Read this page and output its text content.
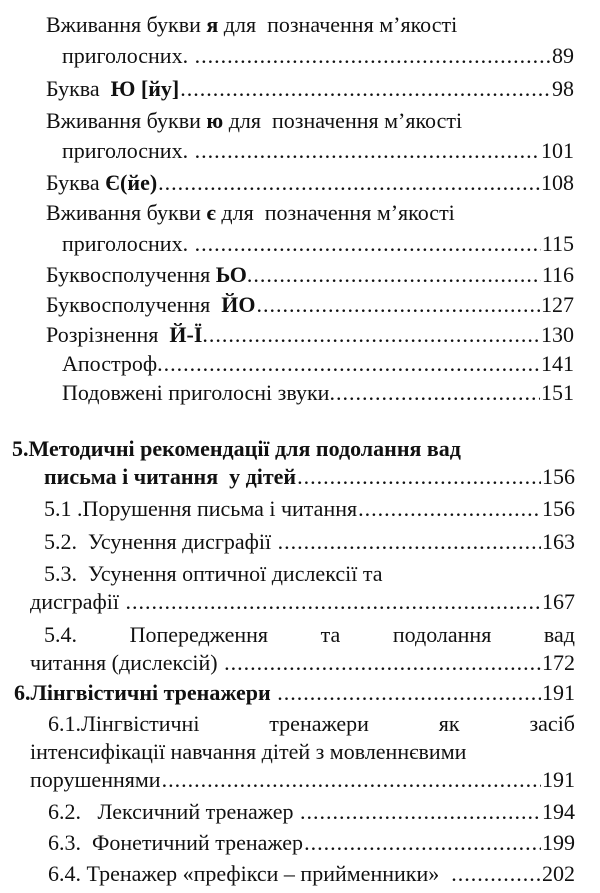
Вживання букви я для  позначення м’якості
приголосних. .....	89
Буква  Ю [йу] .....	98
Вживання букви ю для  позначення м’якості
приголосних. .....	101
Буква Є(йе) .....	108
Вживання букви є для  позначення м’якості
приголосних. .....	115
Буквосполучення ЬО. .....	116
Буквосполучення  ЙО .....	127
Розрізнення  Й-Ї. .....	130
Апостроф. .....	141
Подовжені приголосні звуки. .....	151
5.Методичні рекомендації для подолання вад
письма і читання  у дітей .....	156
5.1 .Порушення письма і читання .....	156
5.2.  Усунення дисграфії .....	163
5.3.  Усунення оптичної дислексії та
дисграфії .....	167
5.4. Попередження та подолання вад
читання (дислексій) .....	172
6.Лінгвістичні тренажери .....	191
6.1.Лінгвістичні	тренажери	як	засіб
інтенсифікації навчання дітей з мовленнєвими
порушеннями .....	191
6.2.   Лексичний тренажер .....	194
6.3.  Фонетичний тренажер .....	199
6.4. Тренажер «префікси – прийменники» .....	202
